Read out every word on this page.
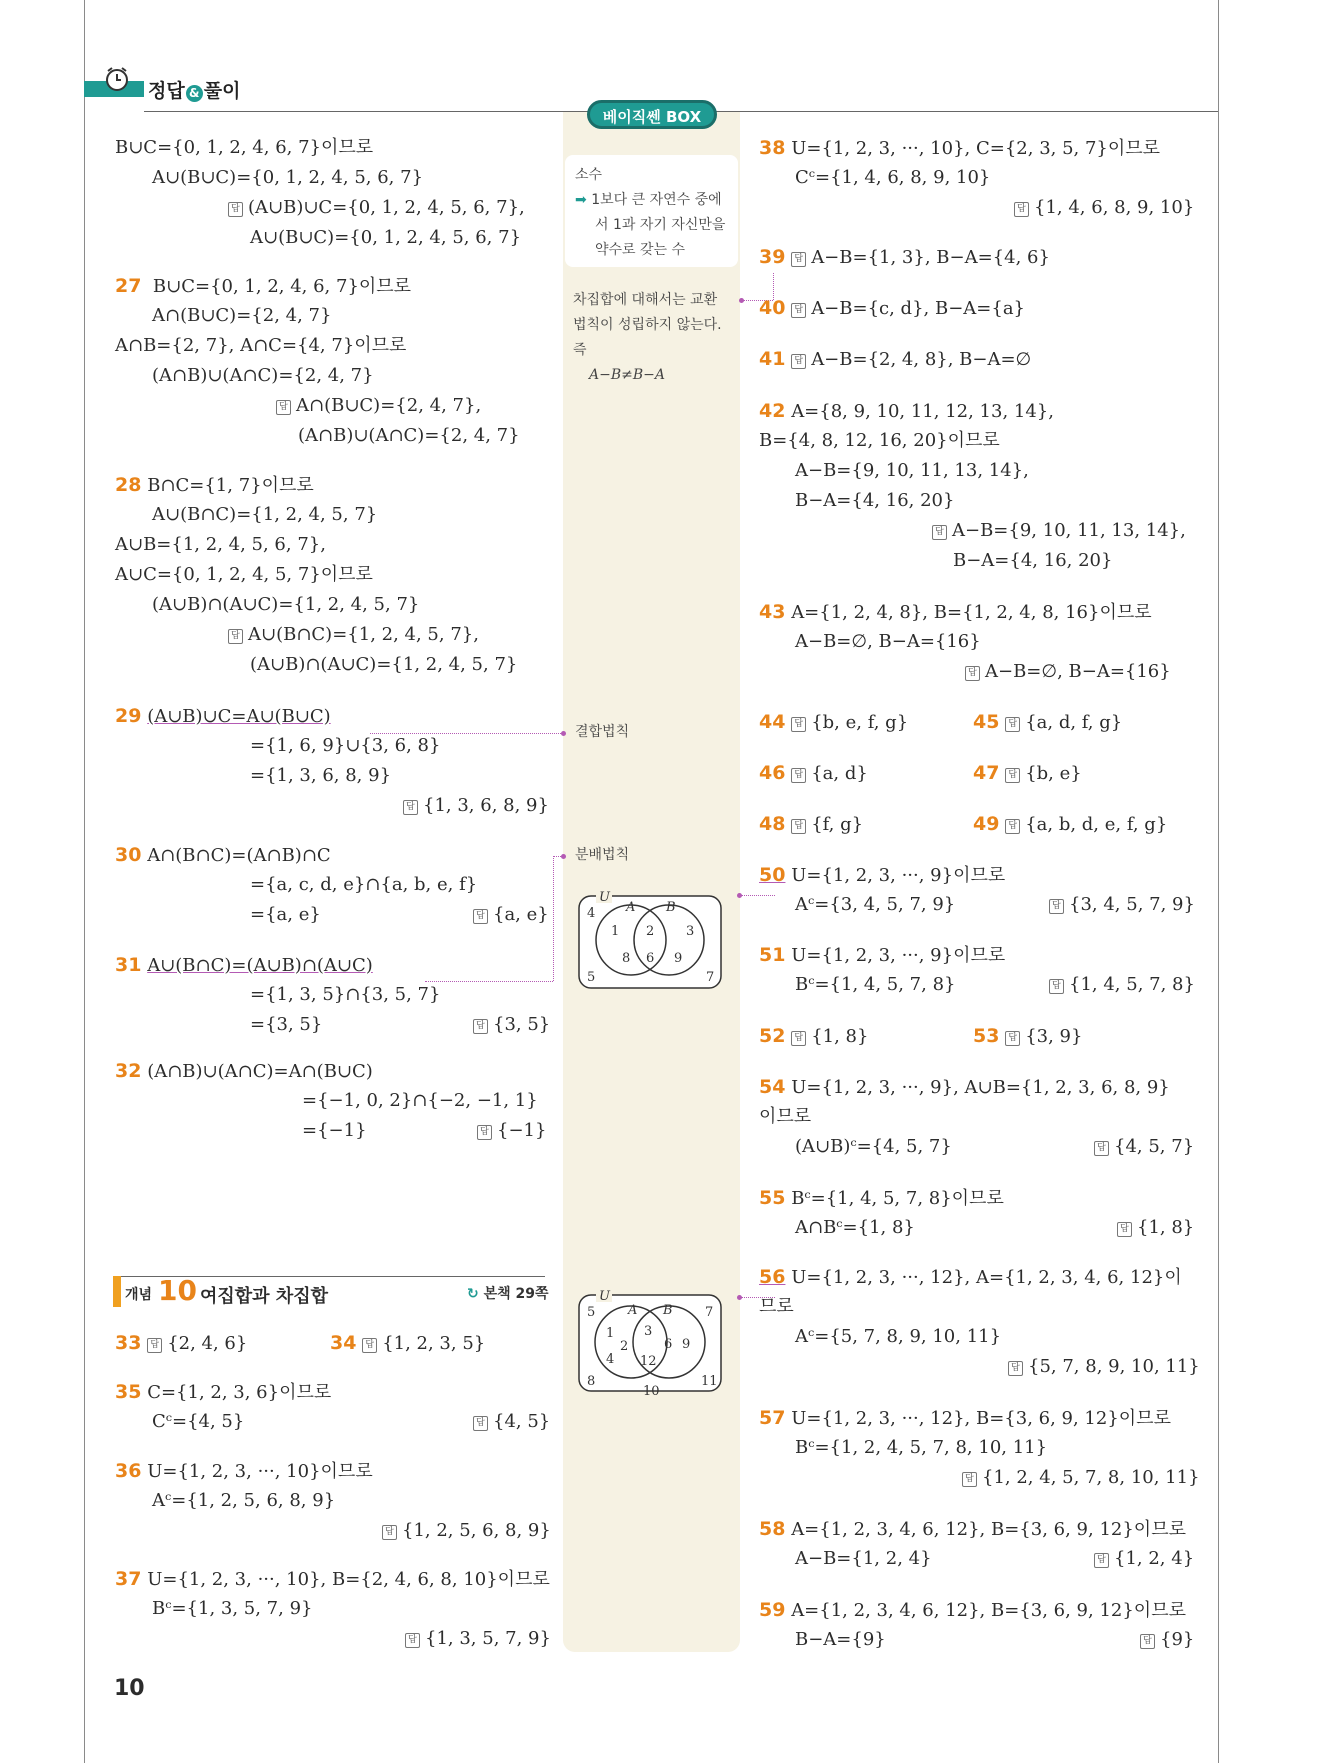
정답 & 풀이
베이직쎈 BOX
소수
➡ 1보다 큰 자연수 중에
서 1과 자기 자신만을
약수로 갖는 수
차집합에 대해서는 교환
법칙이 성립하지 않는다.
즉
A−B≠B−A
결합법칙
분배법칙
U
A B
4
5	7
1
8
2
6
3
9
U
A B
5	7
8
10
11
1
2
4
3
12
6 9
개념 10 여집합과 차집합	↻ 본책 29쪽
B∪C={0, 1, 2, 4, 6, 7}이므로
A∪(B∪C)={0, 1, 2, 4, 5, 6, 7}
답 (A∪B)∪C={0, 1, 2, 4, 5, 6, 7},
A∪(B∪C)={0, 1, 2, 4, 5, 6, 7}
27 B∪C={0, 1, 2, 4, 6, 7}이므로
A∩(B∪C)={2, 4, 7}
A∩B={2, 7}, A∩C={4, 7}이므로
(A∩B)∪(A∩C)={2, 4, 7}
답 A∩(B∪C)={2, 4, 7},
(A∩B)∪(A∩C)={2, 4, 7}
28 B∩C={1, 7}이므로
A∪(B∩C)={1, 2, 4, 5, 7}
A∪B={1, 2, 4, 5, 6, 7},
A∪C={0, 1, 2, 4, 5, 7}이므로
(A∪B)∩(A∪C)={1, 2, 4, 5, 7}
답 A∪(B∩C)={1, 2, 4, 5, 7},
(A∪B)∩(A∪C)={1, 2, 4, 5, 7}
29 (A∪B)∪C=A∪(B∪C)
={1, 6, 9}∪{3, 6, 8}
={1, 3, 6, 8, 9}
답 {1, 3, 6, 8, 9}
30 A∩(B∩C)=(A∩B)∩C
={a, c, d, e}∩{a, b, e, f}
={a, e}	답 {a, e}
31 A∪(B∩C)=(A∪B)∩(A∪C)
={1, 3, 5}∩{3, 5, 7}
={3, 5}	답 {3, 5}
32 (A∩B)∪(A∩C)=A∩(B∪C)
={−1, 0, 2}∩{−2, −1, 1}
={−1}	답 {−1}
33 답 {2, 4, 6}	34 답 {1, 2, 3, 5}
35 C={1, 2, 3, 6}이므로
Cᶜ={4, 5}	답 {4, 5}
36 U={1, 2, 3, ···, 10}이므로
Aᶜ={1, 2, 5, 6, 8, 9}
답 {1, 2, 5, 6, 8, 9}
37 U={1, 2, 3, ···, 10}, B={2, 4, 6, 8, 10}이므로
Bᶜ={1, 3, 5, 7, 9}
답 {1, 3, 5, 7, 9}
38 U={1, 2, 3, ···, 10}, C={2, 3, 5, 7}이므로
Cᶜ={1, 4, 6, 8, 9, 10}
답 {1, 4, 6, 8, 9, 10}
39 답 A−B={1, 3}, B−A={4, 6}
40 답 A−B={c, d}, B−A={a}
41 답 A−B={2, 4, 8}, B−A=∅
42 A={8, 9, 10, 11, 12, 13, 14},
B={4, 8, 12, 16, 20}이므로
A−B={9, 10, 11, 13, 14},
B−A={4, 16, 20}
답 A−B={9, 10, 11, 13, 14},
B−A={4, 16, 20}
43 A={1, 2, 4, 8}, B={1, 2, 4, 8, 16}이므로
A−B=∅, B−A={16}
답 A−B=∅, B−A={16}
44 답 {b, e, f, g}	45 답 {a, d, f, g}
46 답 {a, d}	47 답 {b, e}
48 답 {f, g}	49 답 {a, b, d, e, f, g}
50 U={1, 2, 3, ···, 9}이므로
Aᶜ={3, 4, 5, 7, 9}	답 {3, 4, 5, 7, 9}
51 U={1, 2, 3, ···, 9}이므로
Bᶜ={1, 4, 5, 7, 8}	답 {1, 4, 5, 7, 8}
52 답 {1, 8}	53 답 {3, 9}
54 U={1, 2, 3, ···, 9}, A∪B={1, 2, 3, 6, 8, 9}
이므로
(A∪B)ᶜ={4, 5, 7}	답 {4, 5, 7}
55 Bᶜ={1, 4, 5, 7, 8}이므로
A∩Bᶜ={1, 8}	답 {1, 8}
56 U={1, 2, 3, ···, 12}, A={1, 2, 3, 4, 6, 12}이
므로
Aᶜ={5, 7, 8, 9, 10, 11}
답 {5, 7, 8, 9, 10, 11}
57 U={1, 2, 3, ···, 12}, B={3, 6, 9, 12}이므로
Bᶜ={1, 2, 4, 5, 7, 8, 10, 11}
답 {1, 2, 4, 5, 7, 8, 10, 11}
58 A={1, 2, 3, 4, 6, 12}, B={3, 6, 9, 12}이므로
A−B={1, 2, 4}	답 {1, 2, 4}
59 A={1, 2, 3, 4, 6, 12}, B={3, 6, 9, 12}이므로
B−A={9}	답 {9}
10
